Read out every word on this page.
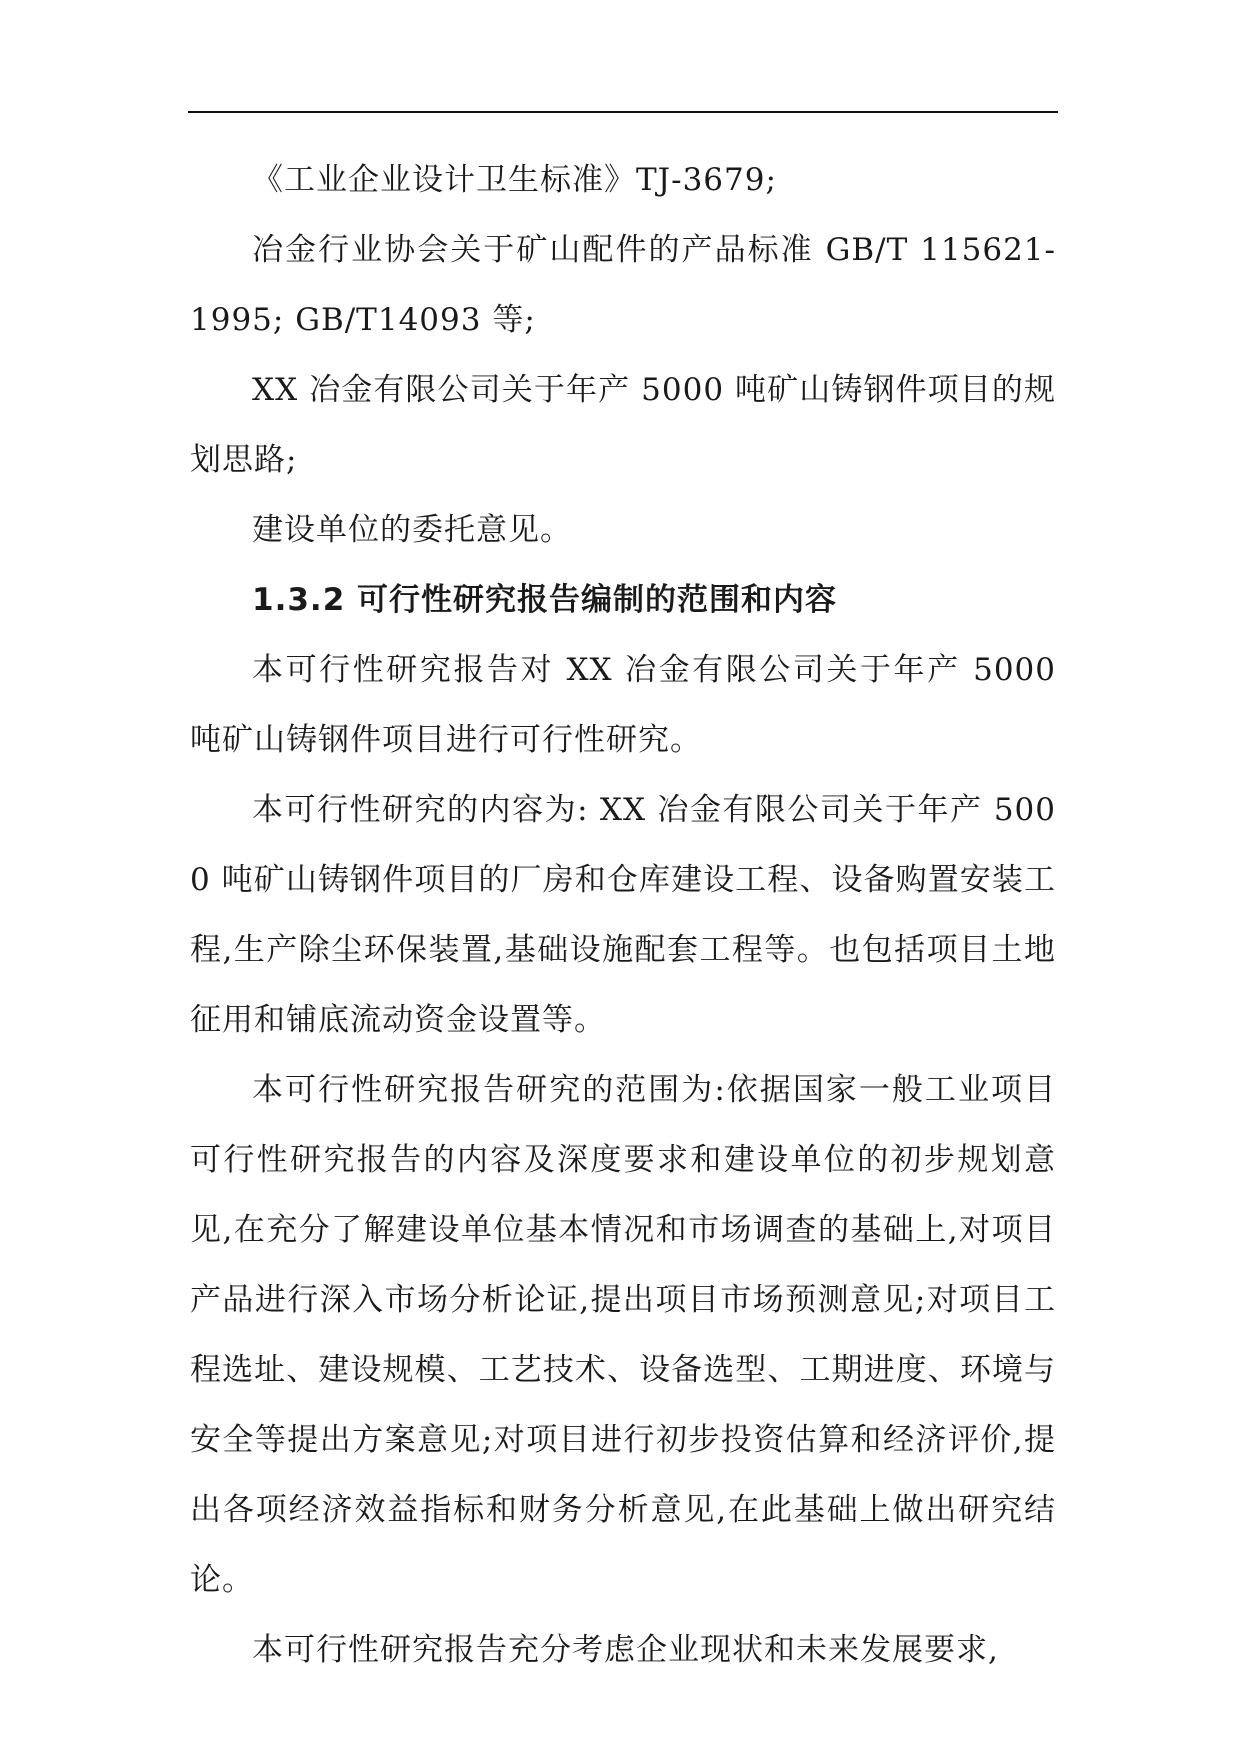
《工业企业设计卫生标准》TJ-3679;

冶金行业协会关于矿山配件的产品标准 GB/T 115621-1995; GB/T14093 等;

XX 冶金有限公司关于年产 5000 吨矿山铸钢件项目的规划思路;

建设单位的委托意见。

1.3.2 可行性研究报告编制的范围和内容

本可行性研究报告对 XX 冶金有限公司关于年产 5000 吨矿山铸钢件项目进行可行性研究。

本可行性研究的内容为: XX 冶金有限公司关于年产 5000 吨矿山铸钢件项目的厂房和仓库建设工程、设备购置安装工程,生产除尘环保装置,基础设施配套工程等。也包括项目土地征用和铺底流动资金设置等。

本可行性研究报告研究的范围为:依据国家一般工业项目可行性研究报告的内容及深度要求和建设单位的初步规划意见,在充分了解建设单位基本情况和市场调查的基础上,对项目产品进行深入市场分析论证,提出项目市场预测意见;对项目工程选址、建设规模、工艺技术、设备选型、工期进度、环境与安全等提出方案意见;对项目进行初步投资估算和经济评价,提出各项经济效益指标和财务分析意见,在此基础上做出研究结论。

本可行性研究报告充分考虑企业现状和未来发展要求,
